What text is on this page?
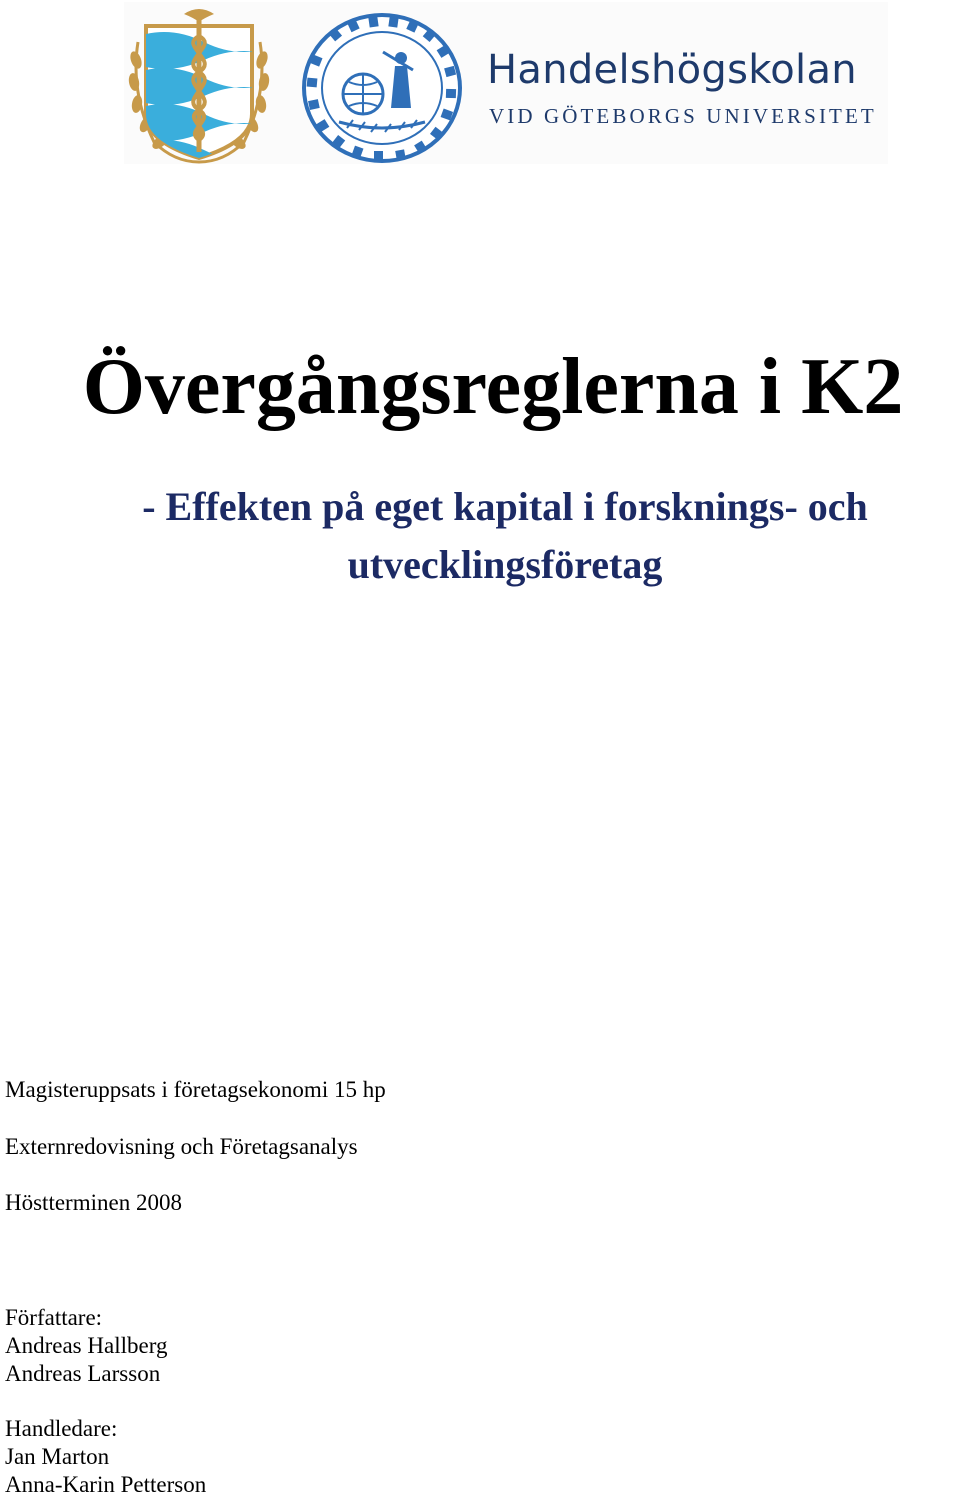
Handelshögskolan
VID GÖTEBORGS UNIVERSITET
Övergångsreglerna i K2
- Effekten på eget kapital i forsknings- och
utvecklingsföretag
Magisteruppsats i företagsekonomi 15 hp
Externredovisning och Företagsanalys
Höstterminen 2008
Författare:
Andreas Hallberg
Andreas Larsson
Handledare:
Jan Marton
Anna-Karin Petterson
